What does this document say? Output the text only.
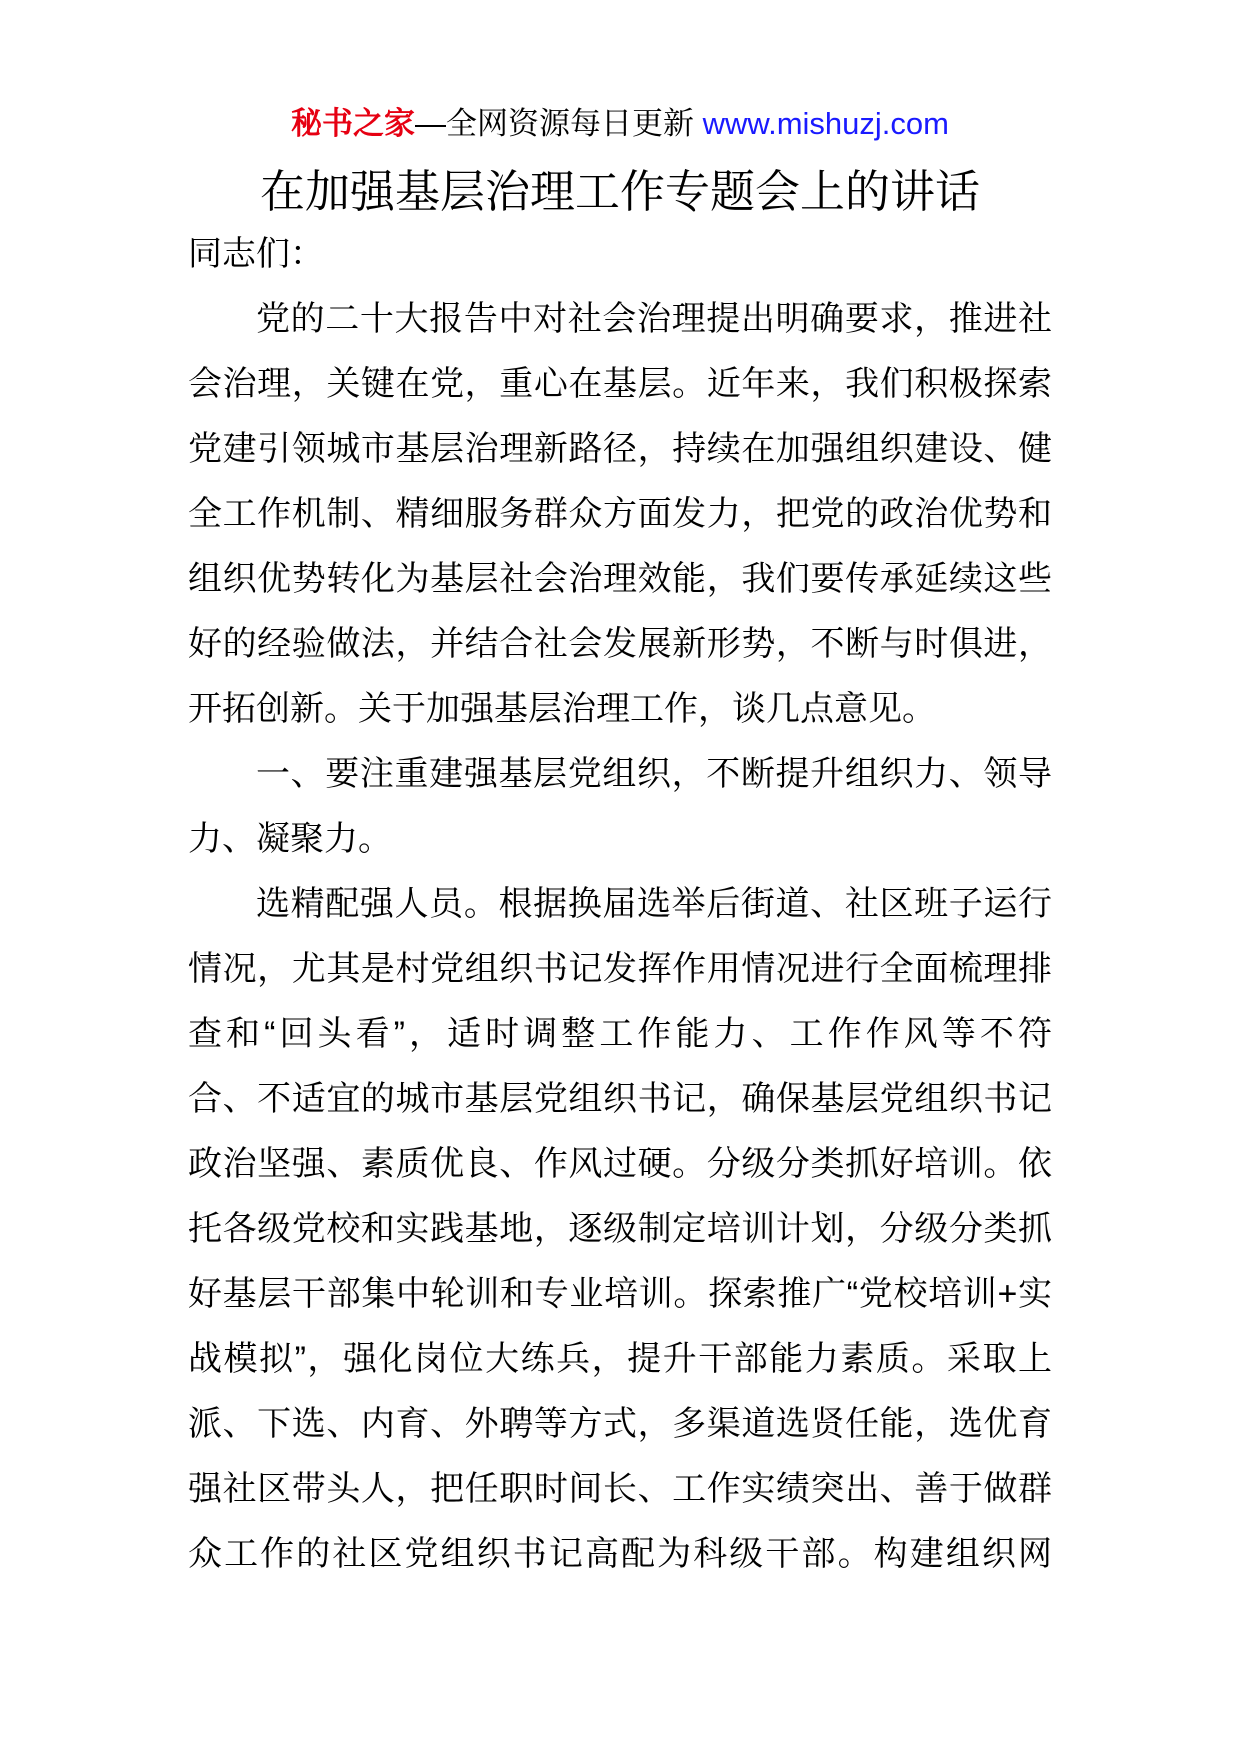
秘书之家—全网资源每日更新 www.mishuzj.com
在加强基层治理工作专题会上的讲话
同志们：
党的二十大报告中对社会治理提出明确要求，推进社
会治理，关键在党，重心在基层。近年来，我们积极探索
党建引领城市基层治理新路径，持续在加强组织建设、健
全工作机制、精细服务群众方面发力，把党的政治优势和
组织优势转化为基层社会治理效能，我们要传承延续这些
好的经验做法，并结合社会发展新形势，不断与时俱进，
开拓创新。关于加强基层治理工作，谈几点意见。
一、要注重建强基层党组织，不断提升组织力、领导
力、凝聚力。
选精配强人员。根据换届选举后街道、社区班子运行
情况，尤其是村党组织书记发挥作用情况进行全面梳理排
查和“回头看”，适时调整工作能力、工作作风等不符
合、不适宜的城市基层党组织书记，确保基层党组织书记
政治坚强、素质优良、作风过硬。分级分类抓好培训。依
托各级党校和实践基地，逐级制定培训计划，分级分类抓
好基层干部集中轮训和专业培训。探索推广“党校培训+实
战模拟”，强化岗位大练兵，提升干部能力素质。采取上
派、下选、内育、外聘等方式，多渠道选贤任能，选优育
强社区带头人，把任职时间长、工作实绩突出、善于做群
众工作的社区党组织书记高配为科级干部。构建组织网
